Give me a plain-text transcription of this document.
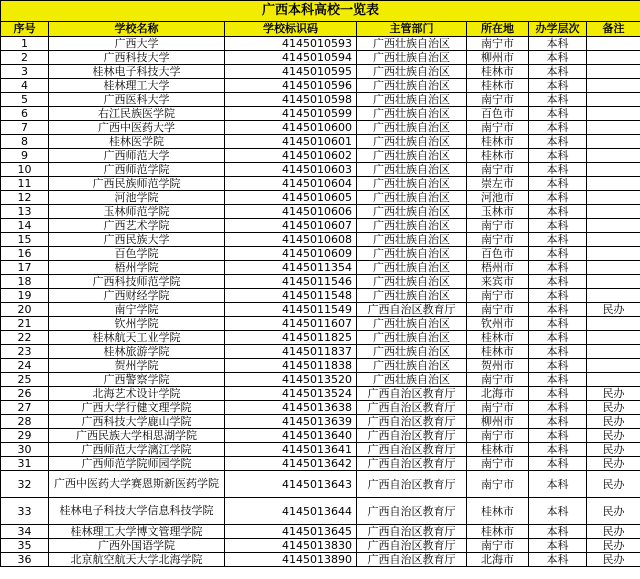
广西本科高校一览表						
序号	学校名称	学校标识码	主管部门	所在地	办学层次	备注
1	广西大学	4145010593	广西壮族自治区	南宁市	本科	
2	广西科技大学	4145010594	广西壮族自治区	柳州市	本科	
3	桂林电子科技大学	4145010595	广西壮族自治区	桂林市	本科	
4	桂林理工大学	4145010596	广西壮族自治区	桂林市	本科	
5	广西医科大学	4145010598	广西壮族自治区	南宁市	本科	
6	右江民族医学院	4145010599	广西壮族自治区	百色市	本科	
7	广西中医药大学	4145010600	广西壮族自治区	南宁市	本科	
8	桂林医学院	4145010601	广西壮族自治区	桂林市	本科	
9	广西师范大学	4145010602	广西壮族自治区	桂林市	本科	
10	广西师范学院	4145010603	广西壮族自治区	南宁市	本科	
11	广西民族师范学院	4145010604	广西壮族自治区	崇左市	本科	
12	河池学院	4145010605	广西壮族自治区	河池市	本科	
13	玉林师范学院	4145010606	广西壮族自治区	玉林市	本科	
14	广西艺术学院	4145010607	广西壮族自治区	南宁市	本科	
15	广西民族大学	4145010608	广西壮族自治区	南宁市	本科	
16	百色学院	4145010609	广西壮族自治区	百色市	本科	
17	梧州学院	4145011354	广西壮族自治区	梧州市	本科	
18	广西科技师范学院	4145011546	广西壮族自治区	来宾市	本科	
19	广西财经学院	4145011548	广西壮族自治区	南宁市	本科	
20	南宁学院	4145011549	广西自治区教育厅	南宁市	本科	民办
21	钦州学院	4145011607	广西壮族自治区	钦州市	本科	
22	桂林航天工业学院	4145011825	广西壮族自治区	桂林市	本科	
23	桂林旅游学院	4145011837	广西壮族自治区	桂林市	本科	
24	贺州学院	4145011838	广西壮族自治区	贺州市	本科	
25	广西警察学院	4145013520	广西壮族自治区	南宁市	本科	
26	北海艺术设计学院	4145013524	广西自治区教育厅	北海市	本科	民办
27	广西大学行健文理学院	4145013638	广西自治区教育厅	南宁市	本科	民办
28	广西科技大学鹿山学院	4145013639	广西自治区教育厅	柳州市	本科	民办
29	广西民族大学相思湖学院	4145013640	广西自治区教育厅	南宁市	本科	民办
30	广西师范大学漓江学院	4145013641	广西自治区教育厅	桂林市	本科	民办
31	广西师范学院师园学院	4145013642	广西自治区教育厅	南宁市	本科	民办
32	广西中医药大学赛恩斯新医药学院	4145013643	广西自治区教育厅	南宁市	本科	民办
33	桂林电子科技大学信息科技学院	4145013644	广西自治区教育厅	桂林市	本科	民办
34	桂林理工大学博文管理学院	4145013645	广西自治区教育厅	桂林市	本科	民办
35	广西外国语学院	4145013830	广西自治区教育厅	南宁市	本科	民办
36	北京航空航天大学北海学院	4145013890	广西自治区教育厅	北海市	本科	民办
